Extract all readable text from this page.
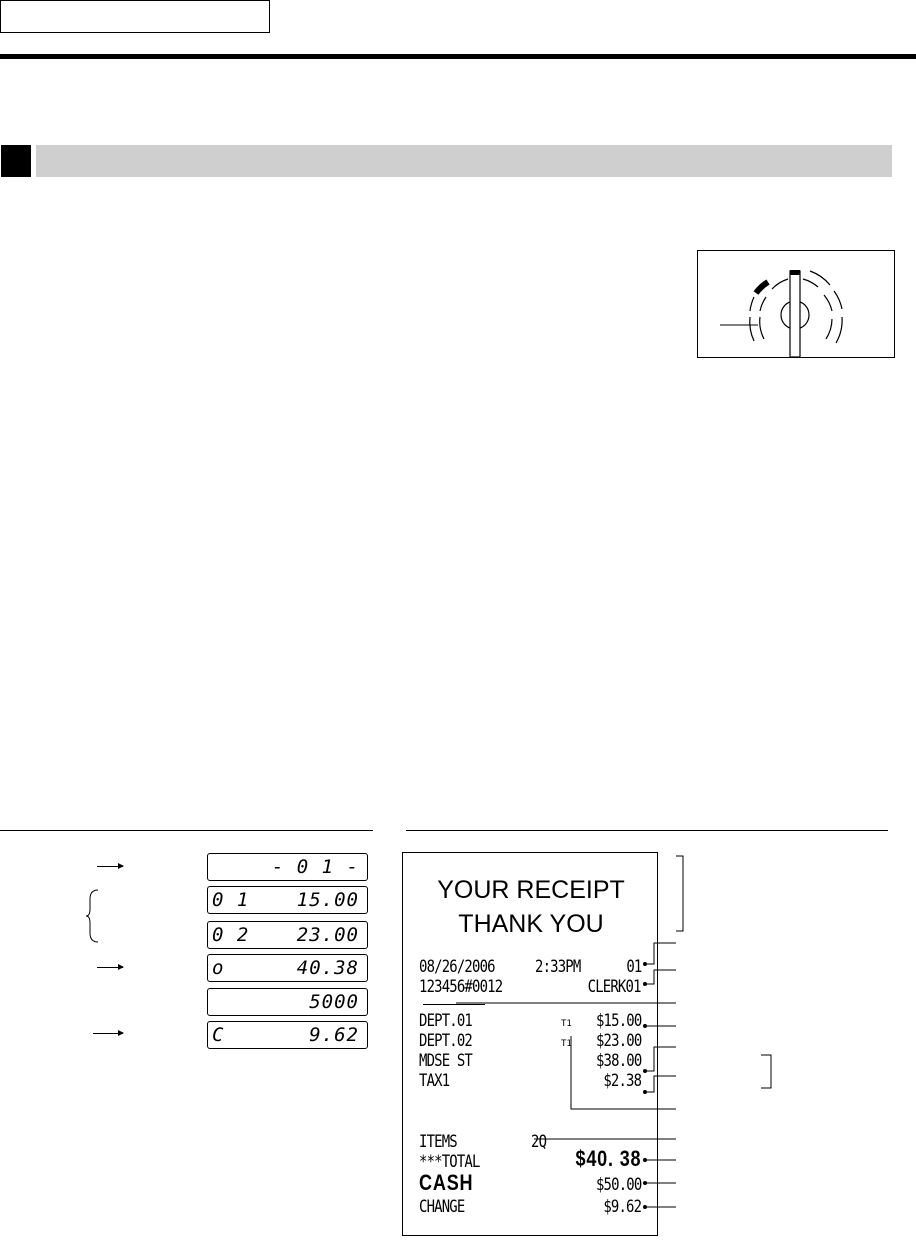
- 0 1 -
0 1 15.00
0 2 23.00
o	40.38
5000
C	9.62
YOUR RECEIPT
THANK YOU
08/26/2006 2:33PM	01
123456#0012	CLERK01
DEPT.01	T1 $15.00
DEPT.02	T1 $23.00
MDSE ST	$38.00
TAX1	$2.38
ITEMS	2Q
***TOTAL	$40. 38
CASH	$50.00
CHANGE	$9.62
